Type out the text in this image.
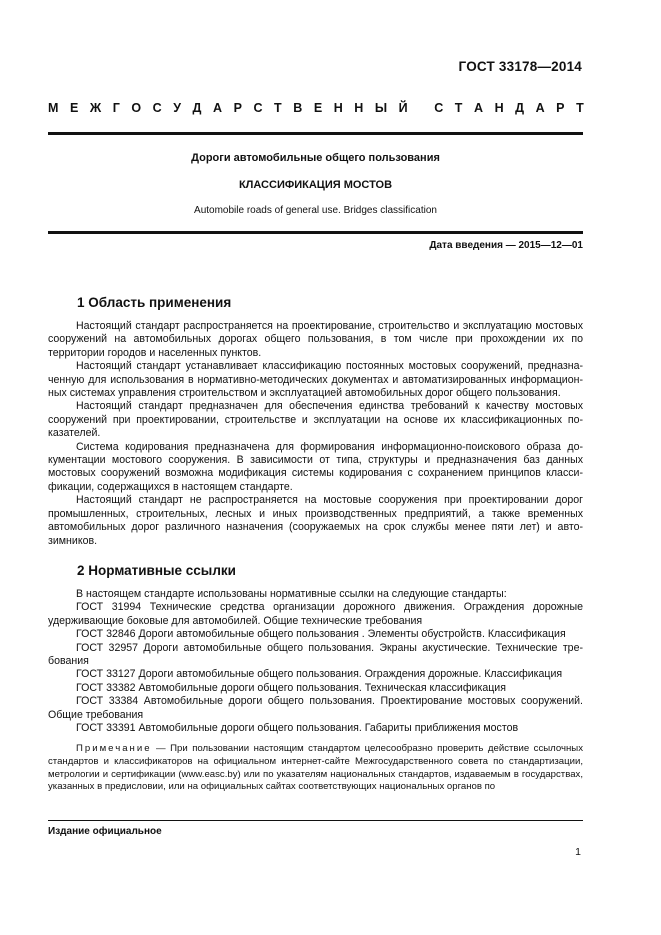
ГОСТ 33178—2014
М Е Ж Г О С У Д А Р С Т В Е Н Н Ы Й
С Т А Н Д А Р Т
Дороги автомобильные общего пользования
КЛАССИФИКАЦИЯ МОСТОВ
Automobile roads of general use. Bridges classification
Дата введения — 2015—12—01
1 Область применения

Настоящий стандарт распространяется на проектирование, строительство и эксплуатацию мостовых сооружений на автомобильных дорогах общего пользования, в том числе при прохождении их по территории городов и населенных пунктов.

Настоящий стандарт устанавливает классификацию постоянных мостовых сооружений, предназначенную для использования в нормативно-методических документах и автоматизированных информационных системах управления строительством и эксплуатацией автомобильных дорог общего пользования.

Настоящий стандарт предназначен для обеспечения единства требований к качеству мостовых сооружений при проектировании, строительстве и эксплуатации на основе их классификационных показателей.

Система кодирования предназначена для формирования информационно-поискового образа документации мостового сооружения. В зависимости от типа, структуры и предназначения баз данных мостовых сооружений возможна модификация системы кодирования с сохранением принципов классификации, содержащихся в настоящем стандарте.

Настоящий стандарт не распространяется на мостовые сооружения при проектировании дорог промышленных, строительных, лесных и иных производственных предприятий, а также временных автомобильных дорог различного назначения (сооружаемых на срок службы менее пяти лет) и автозимников.

2 Нормативные ссылки

В настоящем стандарте использованы нормативные ссылки на следующие стандарты:

ГОСТ 31994 Технические средства организации дорожного движения. Ограждения дорожные удерживающие боковые для автомобилей. Общие технические требования

ГОСТ 32846 Дороги автомобильные общего пользования . Элементы обустройств. Классификация

ГОСТ 32957 Дороги автомобильные общего пользования. Экраны акустические. Технические требования

ГОСТ 33127 Дороги автомобильные общего пользования. Ограждения дорожные. Классификация

ГОСТ 33382 Автомобильные дороги общего пользования. Техническая классификация

ГОСТ 33384 Автомобильные дороги общего пользования. Проектирование мостовых сооружений. Общие требования

ГОСТ 33391 Автомобильные дороги общего пользования. Габариты приближения мостов

Примечание — При пользовании настоящим стандартом целесообразно проверить действие ссылочных стандартов и классификаторов на официальном интернет-сайте Межгосударственного совета по стандартизации, метрологии и сертификации (www.easc.by) или по указателям национальных стандартов, издаваемым в государствах, указанных в предисловии, или на официальных сайтах соответствующих национальных органов по

Издание официальное
1
